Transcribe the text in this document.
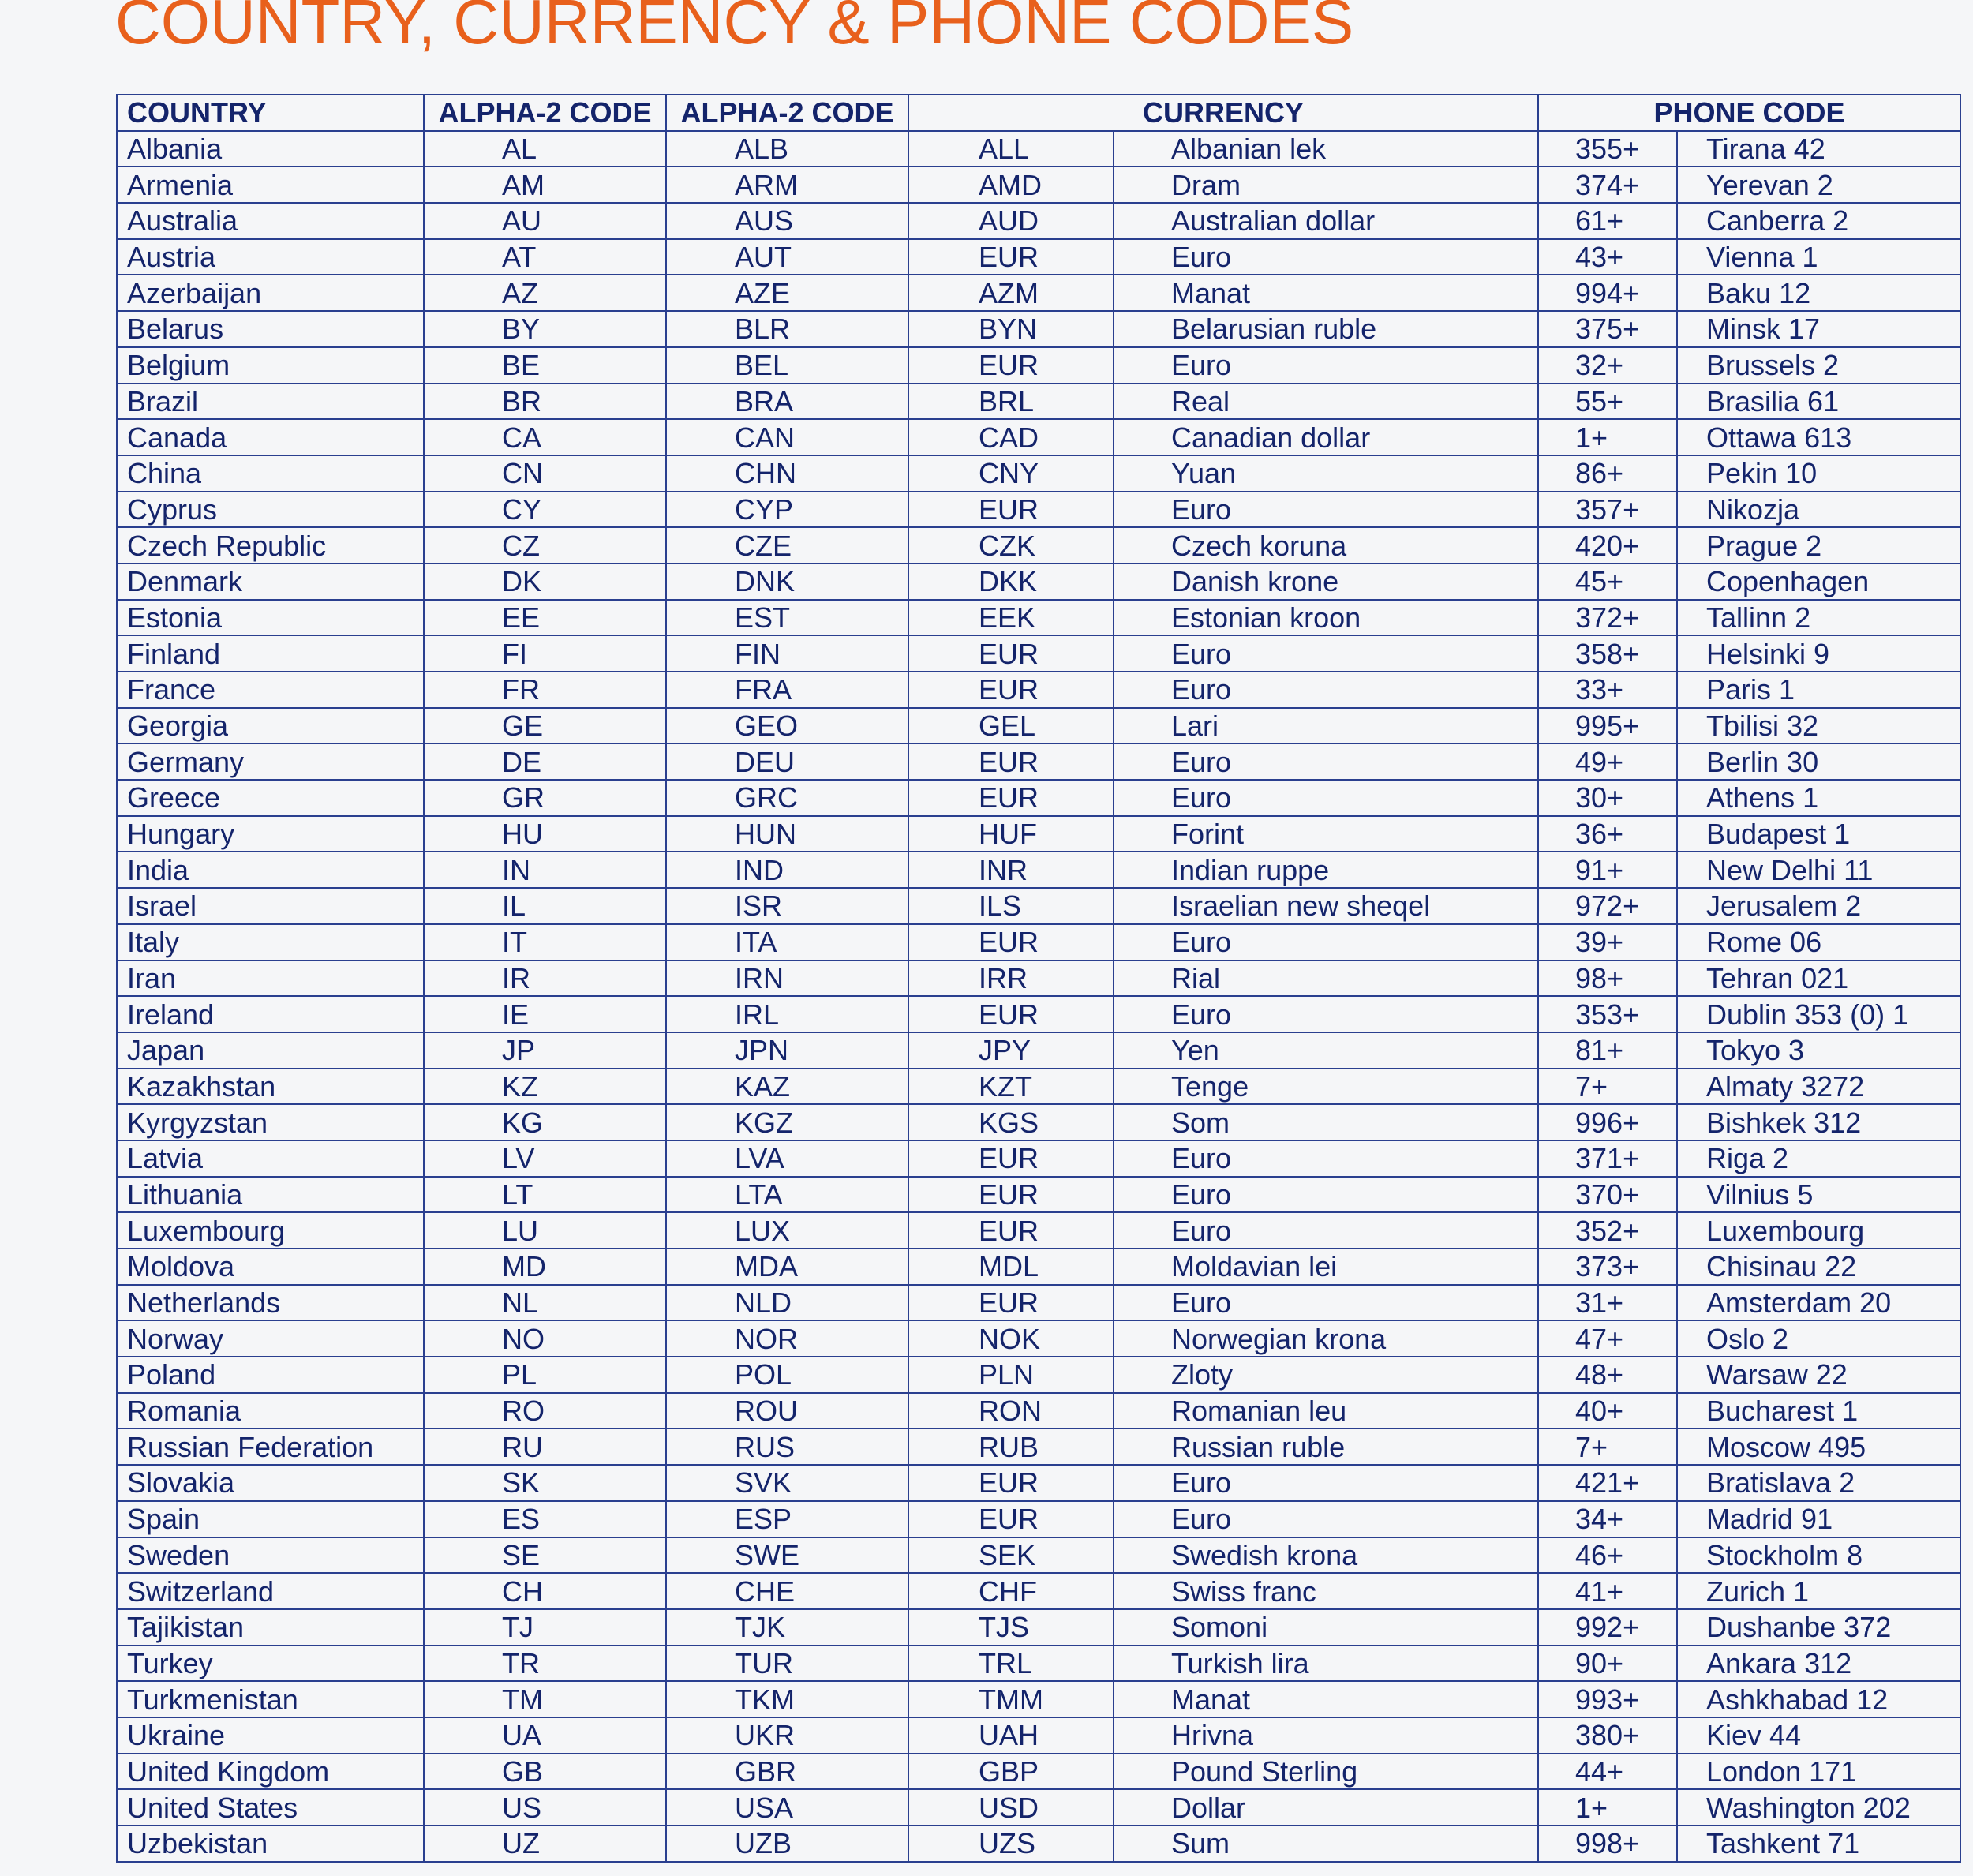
COUNTRY, CURRENCY & PHONE CODES
COUNTRY	ALPHA-2 CODE	ALPHA-2 CODE	CURRENCY		PHONE CODE	
Albania	AL	ALB	ALL	Albanian lek	355+	Tirana 42
Armenia	AM	ARM	AMD	Dram	374+	Yerevan 2
Australia	AU	AUS	AUD	Australian dollar	61+	Canberra 2
Austria	AT	AUT	EUR	Euro	43+	Vienna 1
Azerbaijan	AZ	AZE	AZM	Manat	994+	Baku 12
Belarus	BY	BLR	BYN	Belarusian ruble	375+	Minsk 17
Belgium	BE	BEL	EUR	Euro	32+	Brussels 2
Brazil	BR	BRA	BRL	Real	55+	Brasilia 61
Canada	CA	CAN	CAD	Canadian dollar	1+	Ottawa 613
China	CN	CHN	CNY	Yuan	86+	Pekin 10
Cyprus	CY	CYP	EUR	Euro	357+	Nikozja
Czech Republic	CZ	CZE	CZK	Czech koruna	420+	Prague 2
Denmark	DK	DNK	DKK	Danish krone	45+	Copenhagen
Estonia	EE	EST	EEK	Estonian kroon	372+	Tallinn 2
Finland	FI	FIN	EUR	Euro	358+	Helsinki 9
France	FR	FRA	EUR	Euro	33+	Paris 1
Georgia	GE	GEO	GEL	Lari	995+	Tbilisi 32
Germany	DE	DEU	EUR	Euro	49+	Berlin 30
Greece	GR	GRC	EUR	Euro	30+	Athens 1
Hungary	HU	HUN	HUF	Forint	36+	Budapest 1
India	IN	IND	INR	Indian ruppe	91+	New Delhi 11
Israel	IL	ISR	ILS	Israelian new sheqel	972+	Jerusalem 2
Italy	IT	ITA	EUR	Euro	39+	Rome 06
Iran	IR	IRN	IRR	Rial	98+	Tehran 021
Ireland	IE	IRL	EUR	Euro	353+	Dublin 353 (0) 1
Japan	JP	JPN	JPY	Yen	81+	Tokyo 3
Kazakhstan	KZ	KAZ	KZT	Tenge	7+	Almaty 3272
Kyrgyzstan	KG	KGZ	KGS	Som	996+	Bishkek 312
Latvia	LV	LVA	EUR	Euro	371+	Riga 2
Lithuania	LT	LTA	EUR	Euro	370+	Vilnius 5
Luxembourg	LU	LUX	EUR	Euro	352+	Luxembourg
Moldova	MD	MDA	MDL	Moldavian lei	373+	Chisinau 22
Netherlands	NL	NLD	EUR	Euro	31+	Amsterdam 20
Norway	NO	NOR	NOK	Norwegian krona	47+	Oslo 2
Poland	PL	POL	PLN	Zloty	48+	Warsaw 22
Romania	RO	ROU	RON	Romanian leu	40+	Bucharest 1
Russian Federation	RU	RUS	RUB	Russian ruble	7+	Moscow 495
Slovakia	SK	SVK	EUR	Euro	421+	Bratislava 2
Spain	ES	ESP	EUR	Euro	34+	Madrid 91
Sweden	SE	SWE	SEK	Swedish krona	46+	Stockholm 8
Switzerland	CH	CHE	CHF	Swiss franc	41+	Zurich 1
Tajikistan	TJ	TJK	TJS	Somoni	992+	Dushanbe 372
Turkey	TR	TUR	TRL	Turkish lira	90+	Ankara 312
Turkmenistan	TM	TKM	TMM	Manat	993+	Ashkhabad 12
Ukraine	UA	UKR	UAH	Hrivna	380+	Kiev 44
United Kingdom	GB	GBR	GBP	Pound Sterling	44+	London 171
United States	US	USA	USD	Dollar	1+	Washington 202
Uzbekistan	UZ	UZB	UZS	Sum	998+	Tashkent 71
